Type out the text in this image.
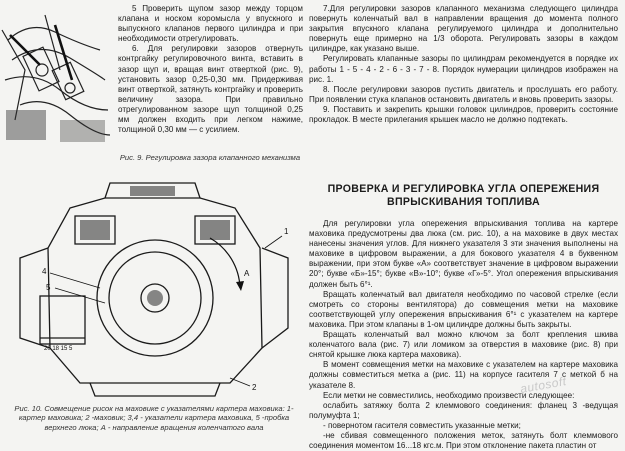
5 Проверить щупом зазор между торцом клапана и носком коромысла у впускного и выпускного клапанов первого цилиндра и при необходимости отрегулировать.

6. Для регулировки зазоров отвернуть контргайку регулировочного винта, вставить в зазор щуп и, вращая винт отверткой (рис. 9), установить зазор 0,25-0,30 мм. Придерживая винт отверткой, затянуть контргайку и проверить величину зазора. При правильно отрегулированном зазоре щуп толщиной 0,25 мм должен входить при легком нажиме, толщиной 0,30 мм — с усилием.

Рис. 9. Регулировка зазора клапанного механизма
4
5
1
20 18 15 5
2
А
Рис. 10. Совмещение рисок на маховике с указателями картера маховика: 1- картер маховика; 2 -маховик; 3,4 - указатели картера маховика, 5 -пробка верхнего люка; А - направление вращения коленчатого вала

7.Для регулировки зазоров клапанного механизма следующего цилиндра повернуть коленчатый вал в направлении вращения до момента полного закрытия впускного клапана регулируемого цилиндра и дополнительно повернуть еще примерно на 1/3 оборота. Регулировать зазоры в каждом цилиндре, как указано выше.

Регулировать клапанные зазоры по цилиндрам рекомендуется в порядке их работы 1 - 5 - 4 - 2 - 6 - 3 - 7 - 8. Порядок нумерации цилиндров изображен на рис. 1.

8. После регулировки зазоров пустить двигатель и прослушать его работу. При появлении стука клапанов остановить двигатель и вновь проверить зазоры.

9. Поставить и закрепить крышки головок цилиндров, проверить состояние прокладок. В месте прилегания крышек масло не должно подтекать.

ПРОВЕРКА И РЕГУЛИРОВКА УГЛА ОПЕРЕЖЕНИЯ ВПРЫСКИВАНИЯ ТОПЛИВА

Для регулировки угла опережения впрыскивания топлива на картере маховика предусмотрены два люка (см. рис. 10), а на маховике в двух местах нанесены значения углов. Для нижнего указателя 3 эти значения выполнены на маховике в цифровом выражении, а для бокового указателя 4 в буквенном выражении, при этом букве «А» соответствует значение в цифровом выражении 20°; букве «Б»-15°; букве «В»-10°; букве «Г»-5°. Угол опережения впрыскивания должен быть 6°¹.

Вращать коленчатый вал двигателя необходимо по часовой стрелке (если смотреть со стороны вентилятора) до совмещения метки на маховике соответствующей углу опережения впрыскивания 6°¹ с указателем на картере маховика. При этом клапаны в 1-ом цилиндре должны быть закрыты.

Вращать коленчатый вал можно ключом за болт крепления шкива коленчатого вала (рис. 7) или ломиком за отверстия в маховике (рис. 8) при снятой крышке люка картера маховика).

В момент совмещения метки на маховике с указателем на картере маховика должны совместиться метка а (рис. 11) на корпусе гасителя 7 с меткой б на указателе 8.

Если метки не совместились, необходимо произвести следующее:

ослабить затяжку болта 2 клеммового соединения: фланец 3 -ведущая полумуфта 1;

- повернотом гасителя совместить указанные метки;

-не сбивая совмещенного положения меток, затянуть болт клеммового соединения моментом 16...18 кгс.м. При этом отклонение пакета пластин от

autosoft
